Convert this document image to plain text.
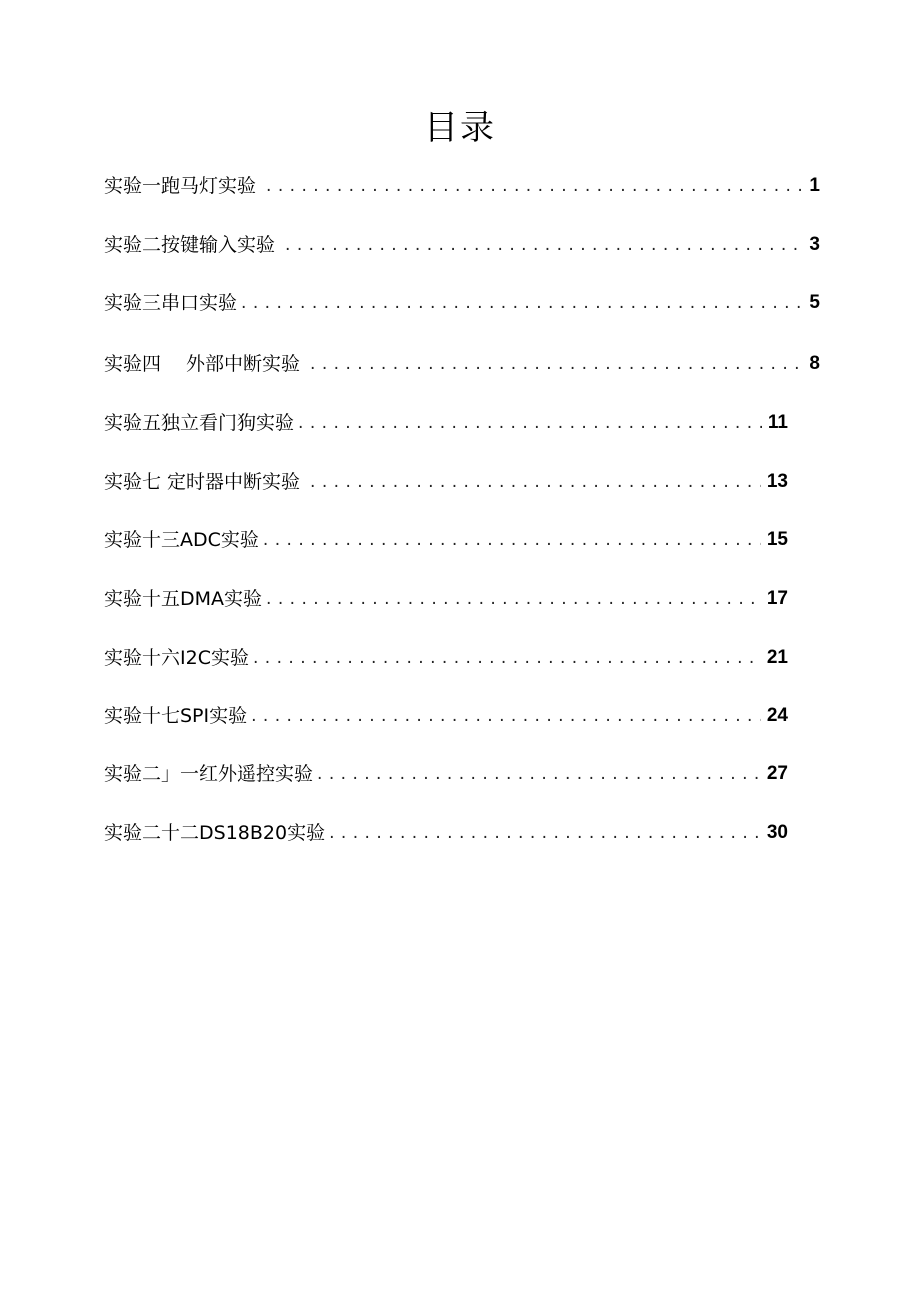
目录
实验一跑马灯实验 . . .	1
实验二按键输入实验 . . .	3
实验三串口实验 . . .	5
实验四　 外部中断实验 . . .	8
实验五独立看门狗实验 . . .	11
实验七 定时器中断实验 . . .	13
实验十三ADC实验 . . .	15
实验十五DMA实验 . . .	17
实验十六I2C实验 . . .	21
实验十七SPI实验 . . .	24
实验二」一红外遥控实验 . . .	27
实验二十二DS18B20实验 . . .	30
